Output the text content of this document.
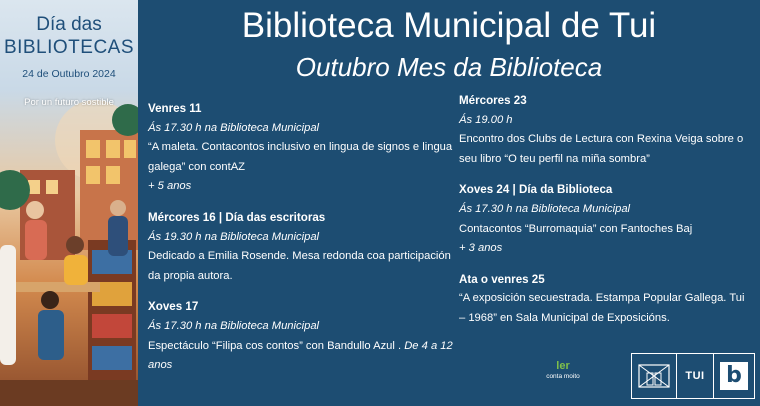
Día das
BIBLIOTECAS
24 de Outubro 2024
Por un futuro sostible
Biblioteca Municipal de Tui
Outubro Mes da Biblioteca
Venres 11
Ás 17.30 h na Biblioteca Municipal
“A maleta. Contacontos inclusivo en lingua de signos e lingua galega” con contAZ
+ 5 anos
Mércores 16 | Día das escritoras
Ás 19.30 h na Biblioteca Municipal
Dedicado a Emilia Rosende. Mesa redonda coa participación da propia autora.
Xoves 17
Ás 17.30 h na Biblioteca Municipal
Espectáculo “Filipa cos contos” con Bandullo Azul . De 4 a 12 anos
Mércores 23
Ás 19.00 h
Encontro dos Clubs de Lectura con Rexina Veiga sobre o seu libro “O teu perfil na miña sombra”
Xoves 24 | Día da Biblioteca
Ás 17.30 h na Biblioteca Municipal
Contacontos “Burromaquia” con Fantoches Baj
+ 3 anos
Ata o venres 25
“A exposición secuestrada. Estampa Popular Gallega. Tui – 1968” en Sala Municipal de Exposicións.
ler
conta moito	TUI b
